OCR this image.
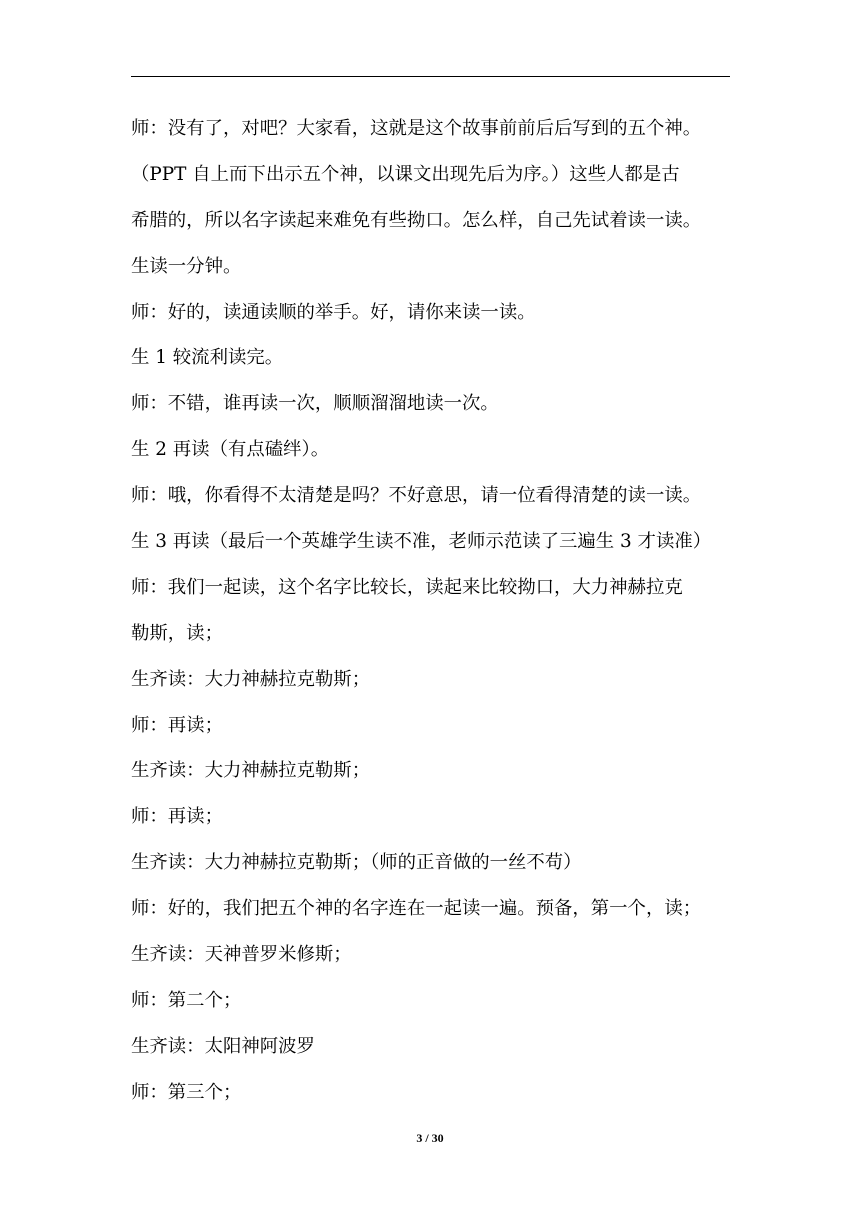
师：没有了，对吧？大家看，这就是这个故事前前后后写到的五个神。
（PPT 自上而下出示五个神，以课文出现先后为序。）这些人都是古
希腊的，所以名字读起来难免有些拗口。怎么样，自己先试着读一读。
生读一分钟。
师：好的，读通读顺的举手。好，请你来读一读。
生 1 较流利读完。
师：不错，谁再读一次，顺顺溜溜地读一次。
生 2 再读（有点磕绊）。
师：哦，你看得不太清楚是吗？不好意思，请一位看得清楚的读一读。
生 3 再读（最后一个英雄学生读不准，老师示范读了三遍生 3 才读准）
师：我们一起读，这个名字比较长，读起来比较拗口，大力神赫拉克
勒斯，读；
生齐读：大力神赫拉克勒斯；
师：再读；
生齐读：大力神赫拉克勒斯；
师：再读；
生齐读：大力神赫拉克勒斯；（师的正音做的一丝不苟）
师：好的，我们把五个神的名字连在一起读一遍。预备，第一个，读；
生齐读：天神普罗米修斯；
师：第二个；
生齐读：太阳神阿波罗
师：第三个；
3 / 30
